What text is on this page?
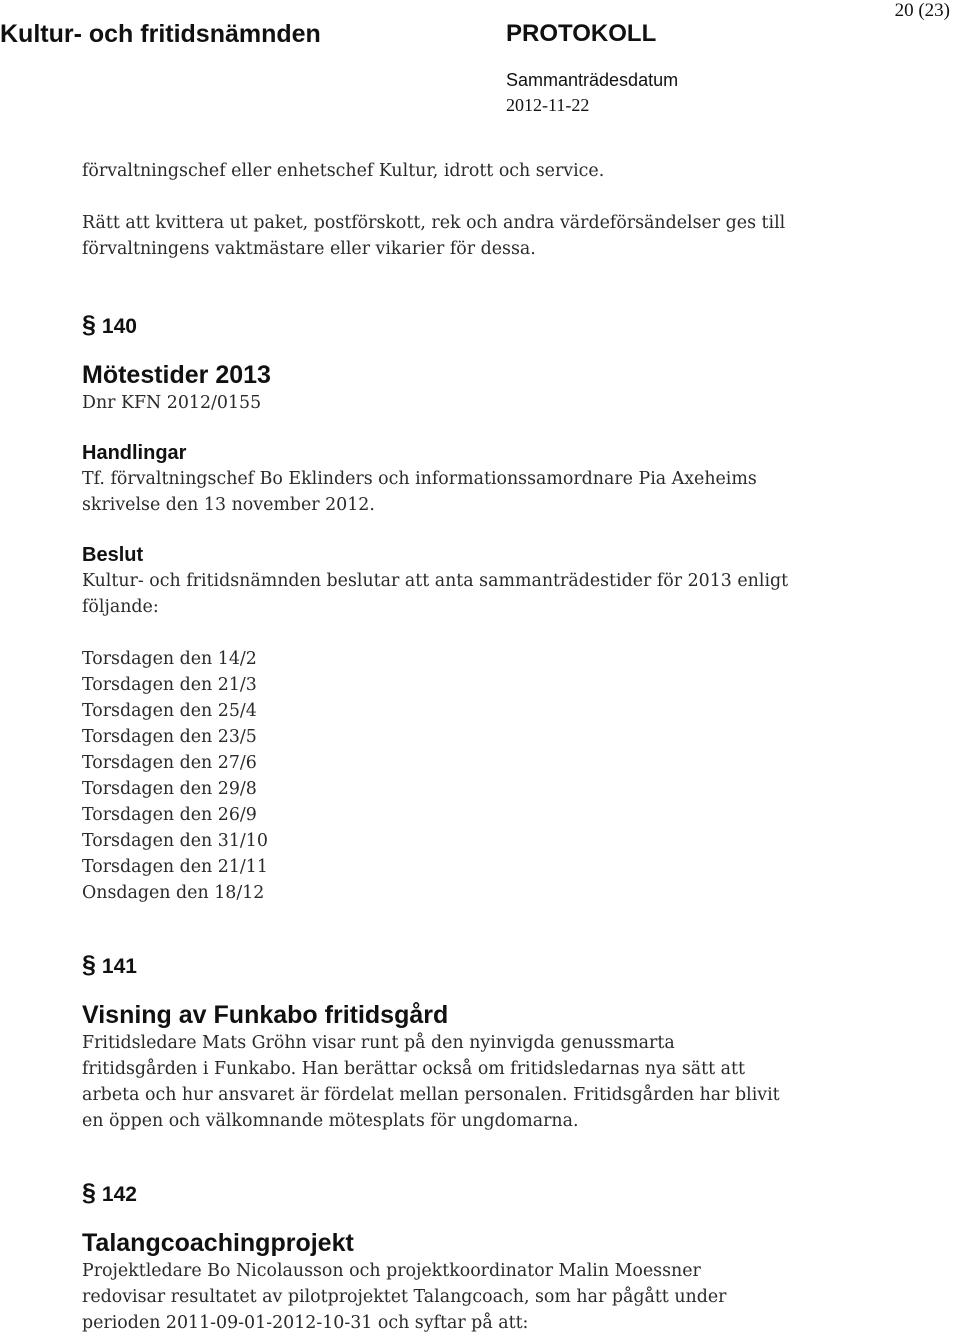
Kultur- och fritidsnämnden	PROTOKOLL
20 (23)
Sammanträdesdatum
2012-11-22

förvaltningschef eller enhetschef Kultur, idrott och service.

Rätt att kvittera ut paket, postförskott, rek och andra värdeförsändelser ges till

förvaltningens vaktmästare eller vikarier för dessa.

§ 140

Mötestider 2013

Dnr KFN 2012/0155

Handlingar

Tf. förvaltningschef Bo Eklinders och informationssamordnare Pia Axeheims

skrivelse den 13 november 2012.

Beslut

Kultur- och fritidsnämnden beslutar att anta sammanträdestider för 2013 enligt

följande:

Torsdagen den 14/2
Torsdagen den 21/3
Torsdagen den 25/4
Torsdagen den 23/5
Torsdagen den 27/6
Torsdagen den 29/8
Torsdagen den 26/9
Torsdagen den 31/10
Torsdagen den 21/11
Onsdagen den 18/12

§ 141

Visning av Funkabo fritidsgård

Fritidsledare Mats Gröhn visar runt på den nyinvigda genussmarta

fritidsgården i Funkabo. Han berättar också om fritidsledarnas nya sätt att

arbeta och hur ansvaret är fördelat mellan personalen. Fritidsgården har blivit

en öppen och välkomnande mötesplats för ungdomarna.

§ 142

Talangcoachingprojekt

Projektledare Bo Nicolausson och projektkoordinator Malin Moessner

redovisar resultatet av pilotprojektet Talangcoach, som har pågått under

perioden 2011-09-01-2012-10-31 och syftar på att:
